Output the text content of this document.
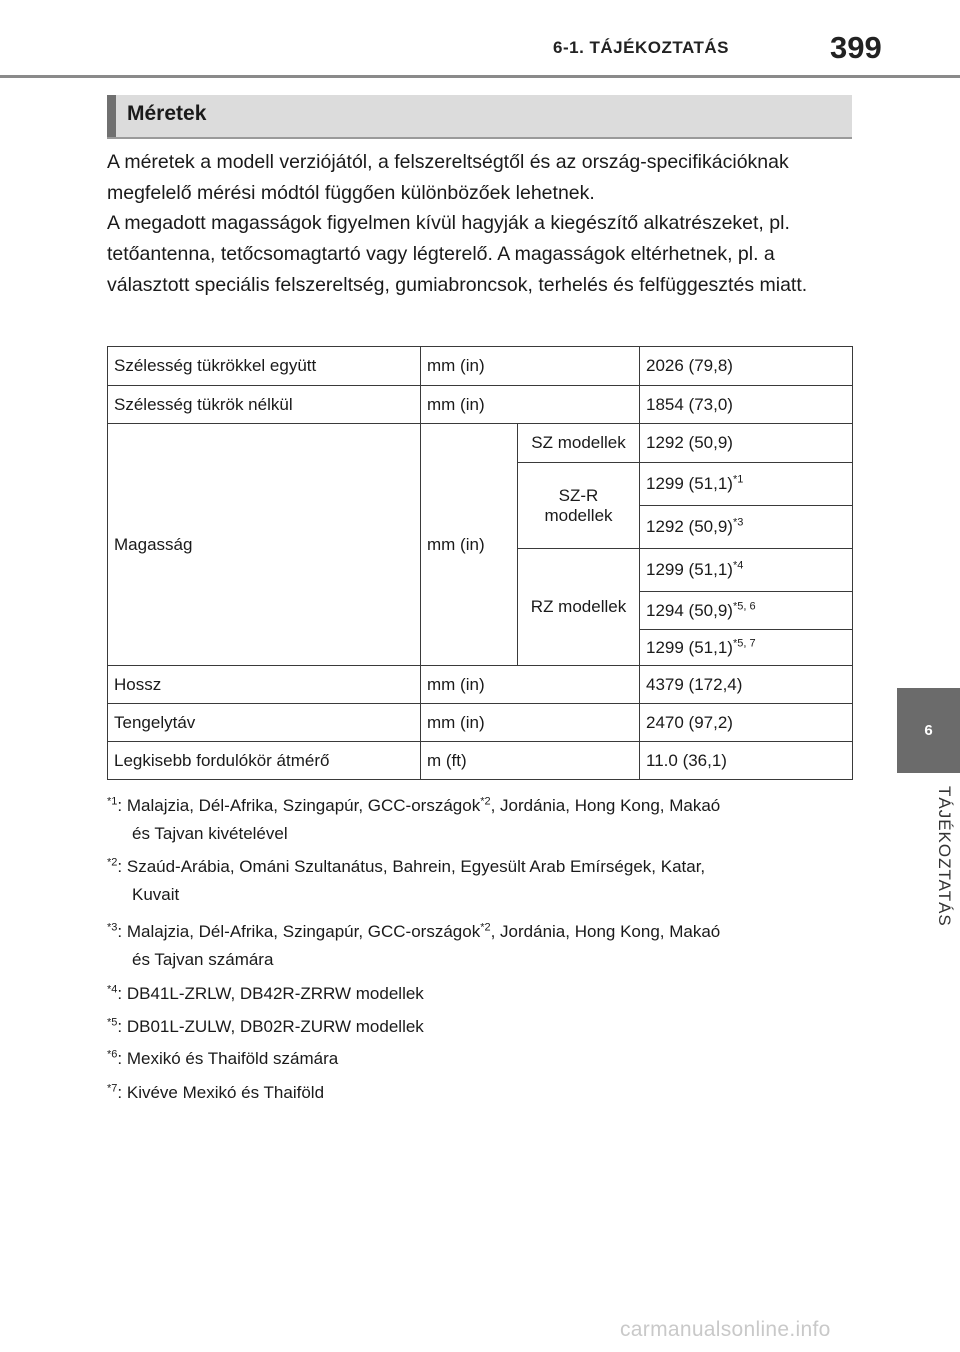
6-1. TÁJÉKOZTATÁS	399
Méretek

A méretek a modell verziójától, a felszereltségtől és az ország-specifikációknak megfelelő mérési módtól függően különbözőek lehetnek.

A megadott magasságok figyelmen kívül hagyják a kiegészítő alkatrészeket, pl. tetőantenna, tetőcsomagtartó vagy légterelő. A magasságok eltérhetnek, pl. a választott speciális felszereltség, gumiabroncsok, terhelés és felfüggesztés miatt.

Szélesség tükrökkel együtt	mm (in)		2026 (79,8)
Szélesség tükrök nélkül	mm (in)		1854 (73,0)
Magasság	mm (in)	SZ modellek	1292 (50,9)
		SZ-R modellek	1299 $(51,1)^{*1}$
			1292 $(50,9)^{*3}$
		RZ modellek	1299 $(51,1)^{*4}$
			1294 $(50,9)^{*5, 6}$
			1299 $(51,1)^{*5, 7}$

Hossz	mm (in)		4379 (172,4)
Tengelytáv	mm (in)		2470 (97,2)
Legkisebb fordulókör átmérő	m (ft)		11.0 (36,1)
$^{*1}$: Malajzia, Dél-Afrika, Szingapúr, GCC-országok$^{*2}$, Jordánia, Hong Kong, Makaó
és Tajvan kivételével
$^{*2}$: Szaúd-Arábia, Ománi Szultanátus, Bahrein, Egyesült Arab Emírségek, Katar,
Kuvait
$^{*3}$: Malajzia, Dél-Afrika, Szingapúr, GCC-országok$^{*2}$, Jordánia, Hong Kong, Makaó
és Tajvan számára
$^{*4}$: DB41L-ZRLW, DB42R-ZRRW modellek
$^{*5}$: DB01L-ZULW, DB02R-ZURW modellek
$^{*6}$: Mexikó és Thaiföld számára
$^{*7}$: Kivéve Mexikó és Thaiföld
6
TÁJÉKOZTATÁS
carmanualsonline.info
